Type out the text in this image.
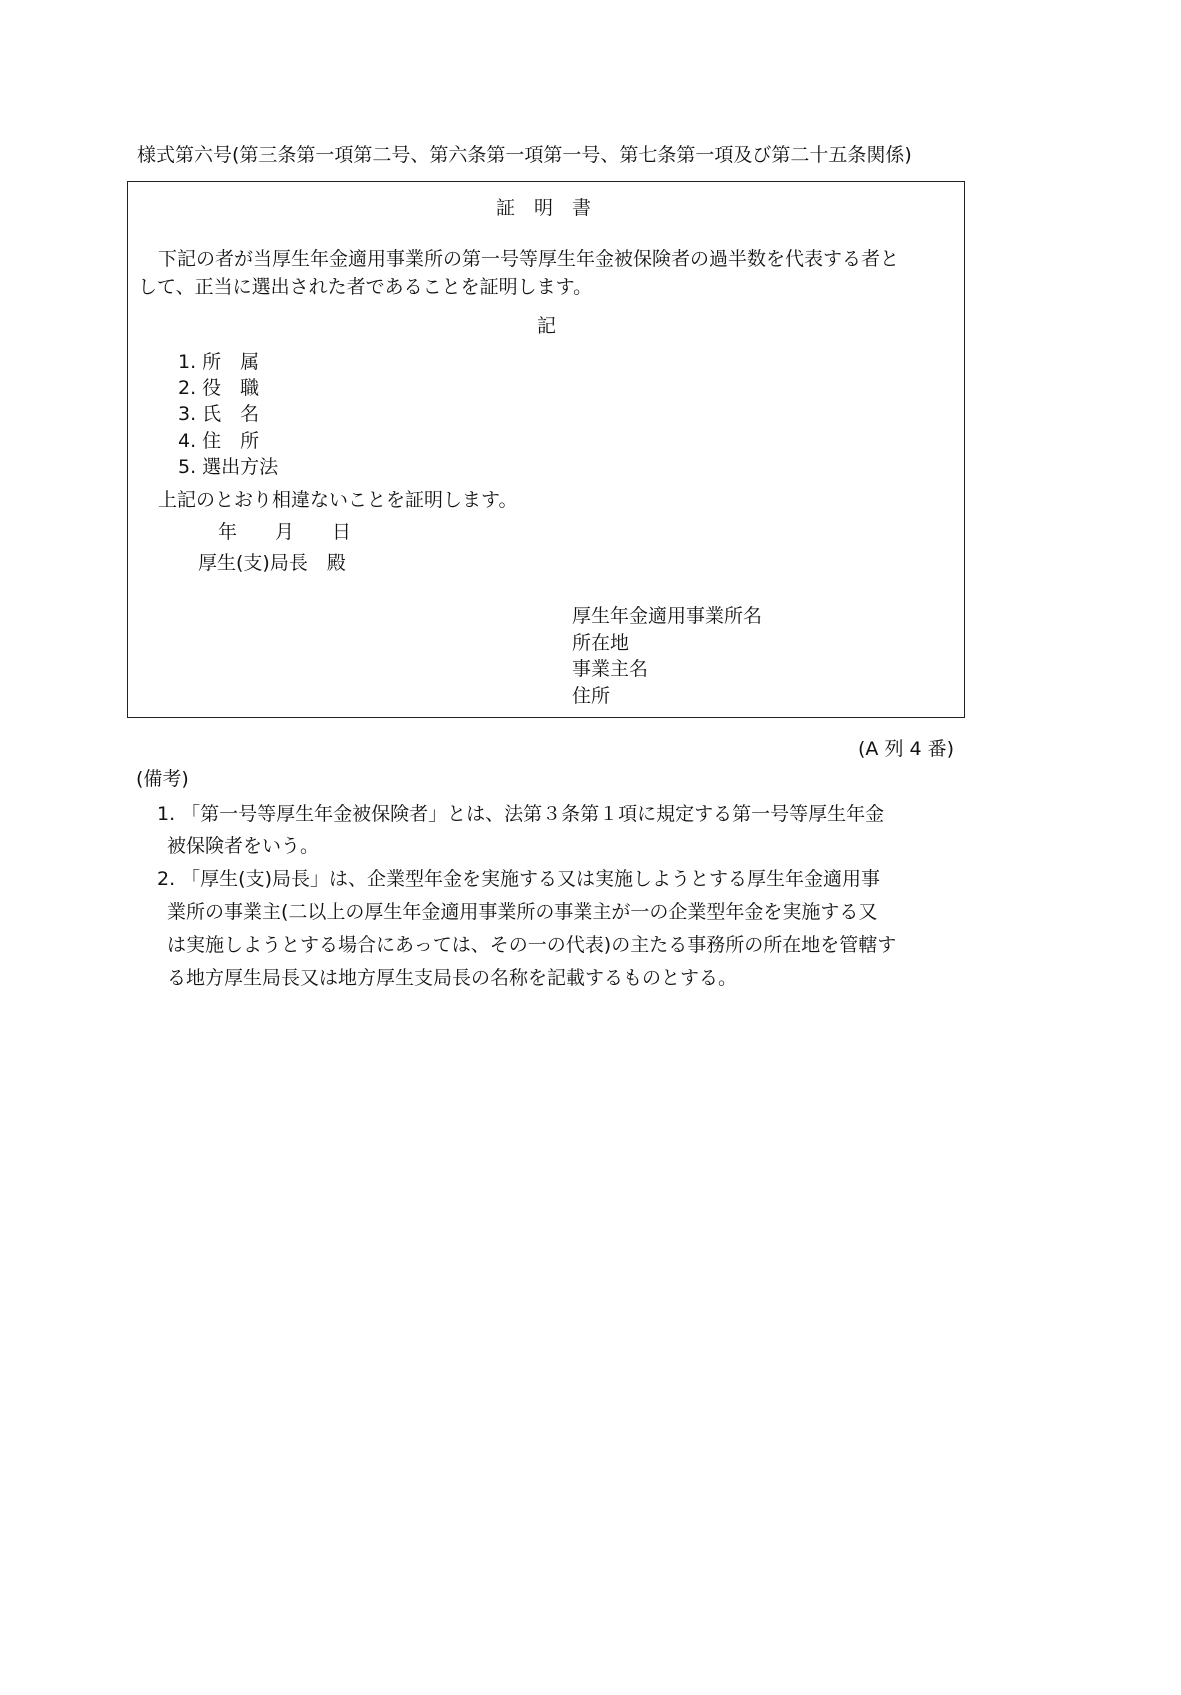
様式第六号(第三条第一項第二号、第六条第一項第一号、第七条第一項及び第二十五条関係)
証　明　書
下記の者が当厚生年金適用事業所の第一号等厚生年金被保険者の過半数を代表する者と
して、正当に選出された者であることを証明します。
記
1. 所　属
2. 役　職
3. 氏　名
4. 住　所
5. 選出方法
上記のとおり相違ないことを証明します。
年　　月　　日
厚生(支)局長　殿
厚生年金適用事業所名
所在地
事業主名
住所
(A 列 4 番)
(備考)
1. 「第一号等厚生年金被保険者」とは、法第３条第１項に規定する第一号等厚生年金
被保険者をいう。
2. 「厚生(支)局長」は、企業型年金を実施する又は実施しようとする厚生年金適用事
業所の事業主(二以上の厚生年金適用事業所の事業主が一の企業型年金を実施する又
は実施しようとする場合にあっては、その一の代表)の主たる事務所の所在地を管轄す
る地方厚生局長又は地方厚生支局長の名称を記載するものとする。
